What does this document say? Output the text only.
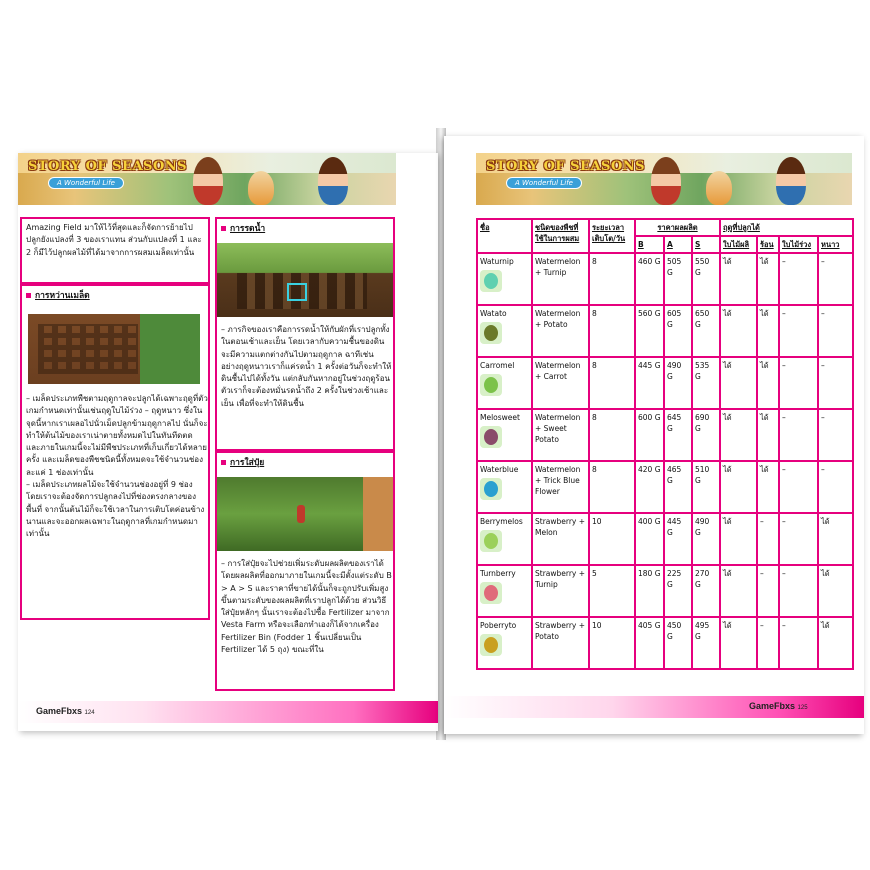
STORY OF SEASONS
A Wonderful Life
Amazing Field มาให้ไว้ที่สุดและก็จัดการย้ายไปปลูกยังแปลงที่ 3 ของเราแทน ส่วนกับแปลงที่ 1 และ 2 ก็มีไว้ปลูกผลไม้ที่ได้มาจากการผสมเมล็ดเท่านั้น
การหว่านเมล็ด
– เมล็ดประเภทพืชตามฤดูกาลจะปลูกได้เฉพาะฤดูที่ตัวเกมกำหนดเท่านั้นเช่นฤดูใบไม้ร่วง – ฤดูหนาว ซึ่งในจุดนี้หากเราเผลอไปนั่วเม็ดปลูกข้ามฤดูกาลไป นั่นก็จะทำให้ต้นไม้ของเราเน่าตายทั้งหมดไปในทันทีดตด และภายในเกมนี้จะไม่มีพืชประเภทที่เก็บเกี่ยวได้หลายครั้ง และเมล็ดของพืชชนิดนี้ทั้งหมดจะใช้จำนวนช่องละแค่ 1 ช่องเท่านั้น
– เมล็ดประเภทผลไม้จะใช้จำนวนช่องอยู่ที่ 9 ช่อง โดยเราจะต้องจัดการปลูกลงไปที่ช่องตรงกลางของพื้นที่ จากนั้นต้นไม้ก็จะใช้เวลาในการเติบโตค่อนข้างนานและจะออกผลเฉพาะในฤดูกาลที่เกมกำหนดมาเท่านั้น
การรดน้ำ
– ภารกิจของเราคือการรดน้ำให้กับผักที่เราปลูกทั้งในตอนเช้าและเย็น โดยเวลากับความชื้นของดินจะมีความแตกต่างกันไปตามฤดูกาล ฉาทีเช่น อย่างฤดูหนาวเราก็แค่รดน้ำ 1 ครั้งต่อวันก็จะทำให้ดินชื้นไปได้ทั้งวัน แต่กลับกันหากอยู่ในช่วงฤดูร้อนตัวเราก็จะต้องหมั่นรดน้ำถึง 2 ครั้งในช่วงเช้าและเย็น เพื่อที่จะทำให้ดินชื้น
การใส่ปุ๋ย
– การใส่ปุ๋ยจะไปช่วยเพิ่มระดับผลผลิตของเราได้ โดยผลผลิตที่ออกมาภายในเกมนี้จะมีตั้งแต่ระดับ B > A > S และราคาที่ขายได้นั้นก็จะถูกปรับเพิ่มสูงขึ้นตามระดับของผลผลิตที่เราปลูกได้ด้วย ส่วนวิธีใส่ปุ๋ยหลักๆ นั้นเราจะต้องไปซื้อ Fertilizer มาจาก Vesta Farm หรือจะเลือกทำเองก็ได้จากเครื่อง Fertilizer Bin (Fodder 1 ชิ้นเปลี่ยนเป็น Fertilizer ได้ 5 ถุง) ขณะที่ใน
GameFbxs 124
STORY OF SEASONS
A Wonderful Life
ชื่อ	ชนิดของพืชที่ใช้ในการผสม	ระยะเวลาเติบโต/วัน	ราคาผลผลิต			ฤดูที่ปลูกได้			
			B	A	S	ใบไม้ผลิ	ร้อน	ใบไม้ร่วง	หนาว

Waturnip	Watermelon + Turnip	8	460 G	505 G	550 G	ได้	ได้	–	–

Watato	Watermelon + Potato	8	560 G	605 G	650 G	ได้	ได้	–	–

Carromel	Watermelon + Carrot	8	445 G	490 G	535 G	ได้	ได้	–	–

Melosweet	Watermelon + Sweet Potato	8	600 G	645 G	690 G	ได้	ได้	–	–

Waterblue	Watermelon + Trick Blue Flower	8	420 G	465 G	510 G	ได้	ได้	–	–

Berrymelos	Strawberry + Melon	10	400 G	445 G	490 G	ได้	–	–	ได้

Turnberry	Strawberry + Turnip	5	180 G	225 G	270 G	ได้	–	–	ได้

Poberryto	Strawberry + Potato	10	405 G	450 G	495 G	ได้	–	–	ได้
GameFbxs 125
